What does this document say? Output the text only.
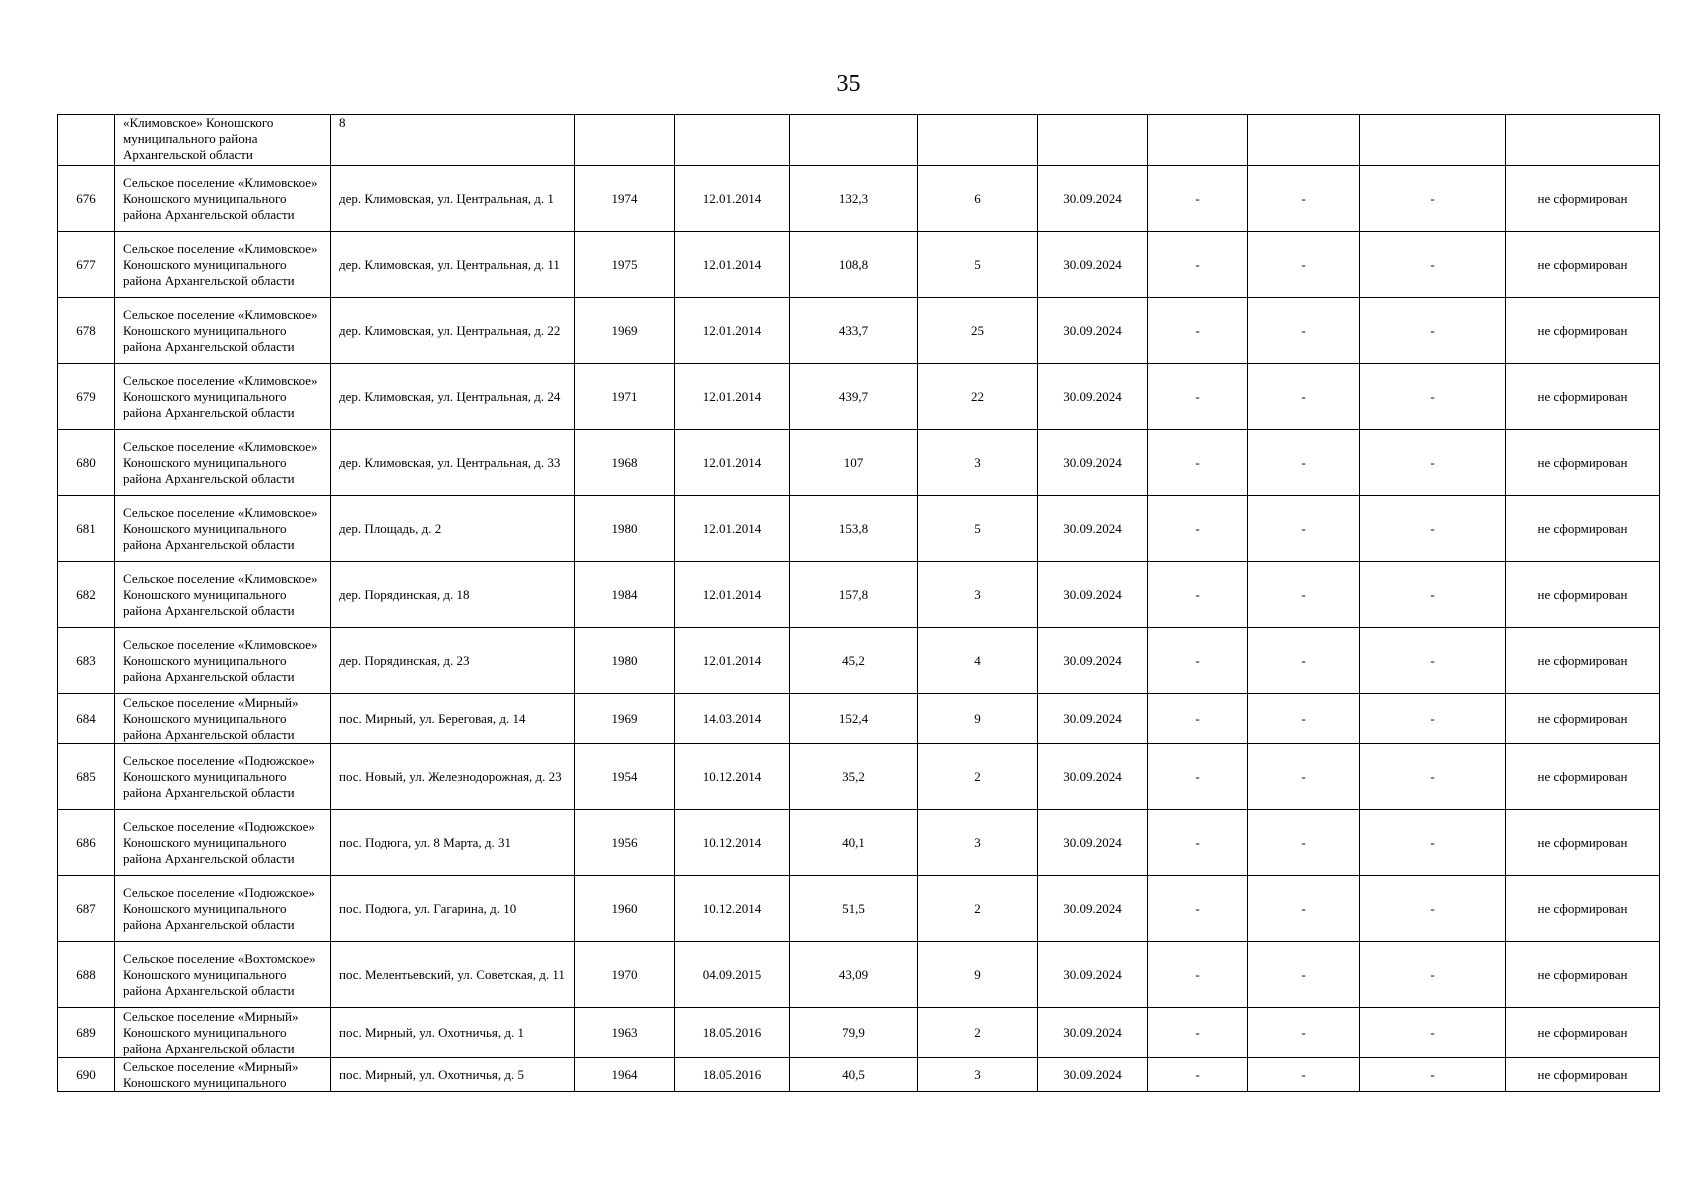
35
	«Климовское» Коношского муниципального района Архангельской области	8									
676	Сельское поселение «Климовское» Коношского муниципального района Архангельской области	дер. Климовская, ул. Центральная, д. 1	1974	12.01.2014	132,3	6	30.09.2024	-	-	-	не сформирован
677	Сельское поселение «Климовское» Коношского муниципального района Архангельской области	дер. Климовская, ул. Центральная, д. 11	1975	12.01.2014	108,8	5	30.09.2024	-	-	-	не сформирован
678	Сельское поселение «Климовское» Коношского муниципального района Архангельской области	дер. Климовская, ул. Центральная, д. 22	1969	12.01.2014	433,7	25	30.09.2024	-	-	-	не сформирован
679	Сельское поселение «Климовское» Коношского муниципального района Архангельской области	дер. Климовская, ул. Центральная, д. 24	1971	12.01.2014	439,7	22	30.09.2024	-	-	-	не сформирован
680	Сельское поселение «Климовское» Коношского муниципального района Архангельской области	дер. Климовская, ул. Центральная, д. 33	1968	12.01.2014	107	3	30.09.2024	-	-	-	не сформирован
681	Сельское поселение «Климовское» Коношского муниципального района Архангельской области	дер. Площадь, д. 2	1980	12.01.2014	153,8	5	30.09.2024	-	-	-	не сформирован
682	Сельское поселение «Климовское» Коношского муниципального района Архангельской области	дер. Порядинская, д. 18	1984	12.01.2014	157,8	3	30.09.2024	-	-	-	не сформирован
683	Сельское поселение «Климовское» Коношского муниципального района Архангельской области	дер. Порядинская, д. 23	1980	12.01.2014	45,2	4	30.09.2024	-	-	-	не сформирован
684	Сельское поселение «Мирный» Коношского муниципального района Архангельской области	пос. Мирный, ул. Береговая, д. 14	1969	14.03.2014	152,4	9	30.09.2024	-	-	-	не сформирован
685	Сельское поселение «Подюжское» Коношского муниципального района Архангельской области	пос. Новый, ул. Железнодорожная, д. 23	1954	10.12.2014	35,2	2	30.09.2024	-	-	-	не сформирован
686	Сельское поселение «Подюжское» Коношского муниципального района Архангельской области	пос. Подюга, ул. 8 Марта, д. 31	1956	10.12.2014	40,1	3	30.09.2024	-	-	-	не сформирован
687	Сельское поселение «Подюжское» Коношского муниципального района Архангельской области	пос. Подюга, ул. Гагарина, д. 10	1960	10.12.2014	51,5	2	30.09.2024	-	-	-	не сформирован
688	Сельское поселение «Вохтомское» Коношского муниципального района Архангельской области	пос. Мелентьевский, ул. Советская, д. 11	1970	04.09.2015	43,09	9	30.09.2024	-	-	-	не сформирован
689	Сельское поселение «Мирный» Коношского муниципального района Архангельской области	пос. Мирный, ул. Охотничья, д. 1	1963	18.05.2016	79,9	2	30.09.2024	-	-	-	не сформирован
690	Сельское поселение «Мирный» Коношского муниципального	пос. Мирный, ул. Охотничья, д. 5	1964	18.05.2016	40,5	3	30.09.2024	-	-	-	не сформирован
